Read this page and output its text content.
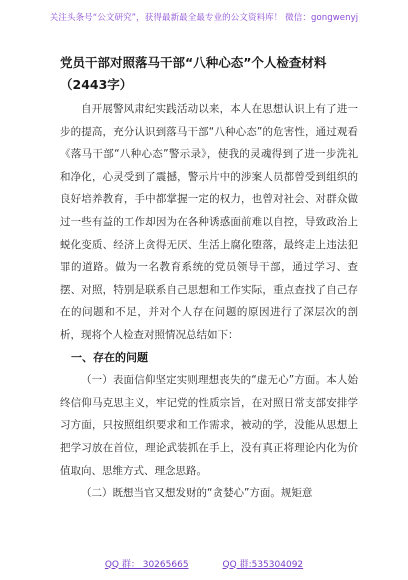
关注头条号“公文研究”，获得最新最全最专业的公文资料库！ 微信：gongwenyj
党员干部对照落马干部“八种心态”个人检查材料（2443字）

自开展警风肃纪实践活动以来，本人在思想认识上有了进一步的提高，充分认识到落马干部“八种心态”的危害性，通过观看《落马干部“八种心态”警示录》，使我的灵魂得到了进一步洗礼和净化，心灵受到了震撼，警示片中的涉案人员都曾受到组织的良好培养教育，手中都掌握一定的权力，也曾对社会、对群众做过一些有益的工作却因为在各种诱惑面前难以自控，导致政治上蜕化变质、经济上贪得无厌、生活上腐化堕落，最终走上违法犯罪的道路。做为一名教育系统的党员领导干部，通过学习、查摆、对照，特别是联系自己思想和工作实际，重点查找了自己存在的问题和不足，并对个人存在问题的原因进行了深层次的剖析，现将个人检查对照情况总结如下：

一、存在的问题

（一）表面信仰坚定实则理想丧失的“虚无心”方面。本人始终信仰马克思主义，牢记党的性质宗旨，在对照日常支部安排学习方面，只按照组织要求和工作需求，被动的学，没能从思想上把学习放在首位，理论武装抓在手上，没有真正将理论内化为价值取向、思维方式、理念思路。

（二）既想当官又想发财的“贪婪心”方面。规矩意

QQ 群： 30265665	QQ 群:535304092
